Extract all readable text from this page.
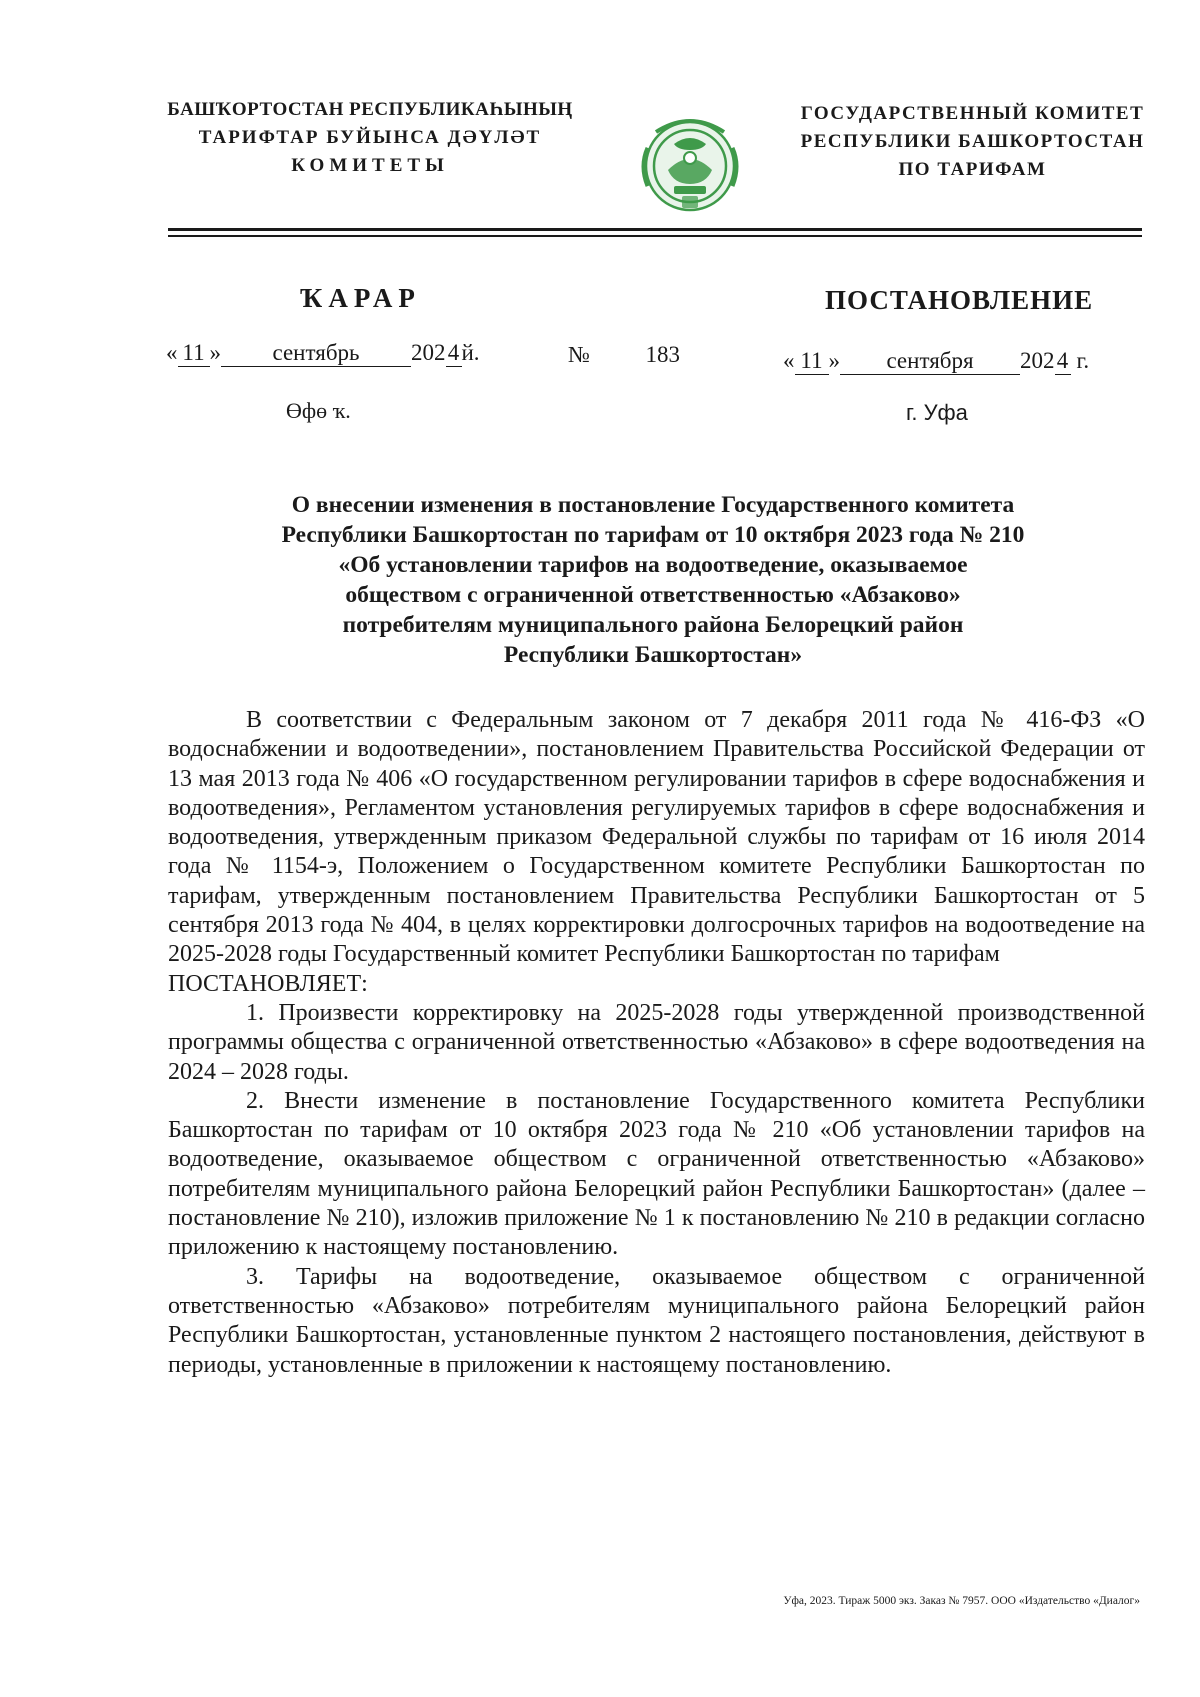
БАШҠОРТОСТАН РЕСПУБЛИКАҺЫНЫҢ
ТАРИФТАР БУЙЫНСА ДӘҮЛӘТ
КОМИТЕТЫ
ГОСУДАРСТВЕННЫЙ КОМИТЕТ
РЕСПУБЛИКИ БАШКОРТОСТАН
ПО ТАРИФАМ
ҠАРАР	ПОСТАНОВЛЕНИЕ
« 11 » сентябрь 2024й.	№ 183	« 11 » сентября 2024 г.
Өфө ҡ.	г. Уфа
О внесении изменения в постановление Государственного комитета
Республики Башкортостан по тарифам от 10 октября 2023 года № 210
«Об установлении тарифов на водоотведение, оказываемое
обществом с ограниченной ответственностью «Абзаково»
потребителям муниципального района Белорецкий район
Республики Башкортостан»

В соответствии с Федеральным законом от 7 декабря 2011 года № 416-ФЗ «О водоснабжении и водоотведении», постановлением Правительства Российской Федерации от 13 мая 2013 года № 406 «О государственном регулировании тарифов в сфере водоснабжения и водоотведения», Регламентом установления регулируемых тарифов в сфере водоснабжения и водоотведения, утвержденным приказом Федеральной службы по тарифам от 16 июля 2014 года № 1154-э, Положением о Государственном комитете Республики Башкортостан по тарифам, утвержденным постановлением Правительства Республики Башкортостан от 5 сентября 2013 года № 404, в целях корректировки долгосрочных тарифов на водоотведение на 2025-2028 годы Государственный комитет Республики Башкортостан по тарифам

ПОСТАНОВЛЯЕТ:

1. Произвести корректировку на 2025-2028 годы утвержденной производственной программы общества с ограниченной ответственностью «Абзаково» в сфере водоотведения на 2024 – 2028 годы.

2. Внести изменение в постановление Государственного комитета Республики Башкортостан по тарифам от 10 октября 2023 года № 210 «Об установлении тарифов на водоотведение, оказываемое обществом с ограниченной ответственностью «Абзаково» потребителям муниципального района Белорецкий район Республики Башкортостан» (далее – постановление № 210), изложив приложение № 1 к постановлению № 210 в редакции согласно приложению к настоящему постановлению.

3. Тарифы на водоотведение, оказываемое обществом с ограниченной ответственностью «Абзаково» потребителям муниципального района Белорецкий район Республики Башкортостан, установленные пунктом 2 настоящего постановления, действуют в периоды, установленные в приложении к настоящему постановлению.

Уфа, 2023. Тираж 5000 экз. Заказ № 7957. ООО «Издательство «Диалог»
